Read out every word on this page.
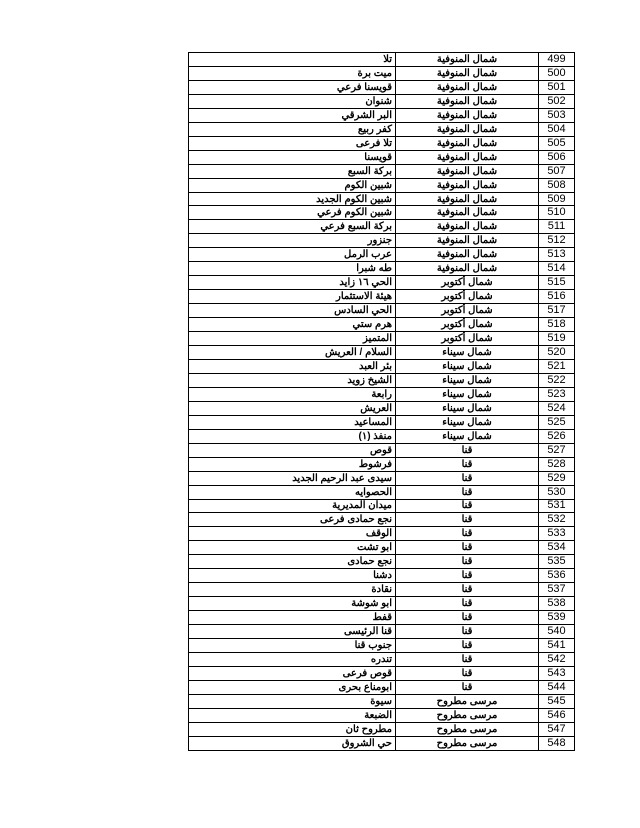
تلا	شمال المنوفية	499
ميت برة	شمال المنوفية	500
قويسنا فرعي	شمال المنوفية	501
شنوان	شمال المنوفية	502
البر الشرقي	شمال المنوفية	503
كفر ربيع	شمال المنوفية	504
تلا فرعى	شمال المنوفية	505
قويسنا	شمال المنوفية	506
بركة السبع	شمال المنوفية	507
شبين الكوم	شمال المنوفية	508
شبين الكوم الجديد	شمال المنوفية	509
شبين الكوم فرعي	شمال المنوفية	510
بركة السبع فرعي	شمال المنوفية	511
جنزور	شمال المنوفية	512
عرب الرمل	شمال المنوفية	513
طه شبرا	شمال المنوفية	514
الحي ١٦ زايد	شمال أكتوبر	515
هيئة الاستثمار	شمال أكتوبر	516
الحي السادس	شمال أكتوبر	517
هرم ستي	شمال أكتوبر	518
المتميز	شمال أكتوبر	519
السلام / العريش	شمال سيناء	520
بئر العبد	شمال سيناء	521
الشيخ زويد	شمال سيناء	522
رابعة	شمال سيناء	523
العريش	شمال سيناء	524
المساعيد	شمال سيناء	525
منفذ (١)	شمال سيناء	526
قوص	قنا	527
فرشوط	قنا	528
سيدى عبد الرحيم الجديد	قنا	529
الحصوايه	قنا	530
ميدان المديرية	قنا	531
نجع حمادى فرعى	قنا	532
الوقف	قنا	533
ابو تشت	قنا	534
نجع حمادى	قنا	535
دشنا	قنا	536
نقادة	قنا	537
ابو شوشة	قنا	538
قفط	قنا	539
قنا الرئيسى	قنا	540
جنوب قنا	قنا	541
تندره	قنا	542
قوص فرعى	قنا	543
ابومناع بحرى	قنا	544
سيوة	مرسى مطروح	545
الضبعة	مرسى مطروح	546
مطروح ثان	مرسى مطروح	547
حي الشروق	مرسى مطروح	548
